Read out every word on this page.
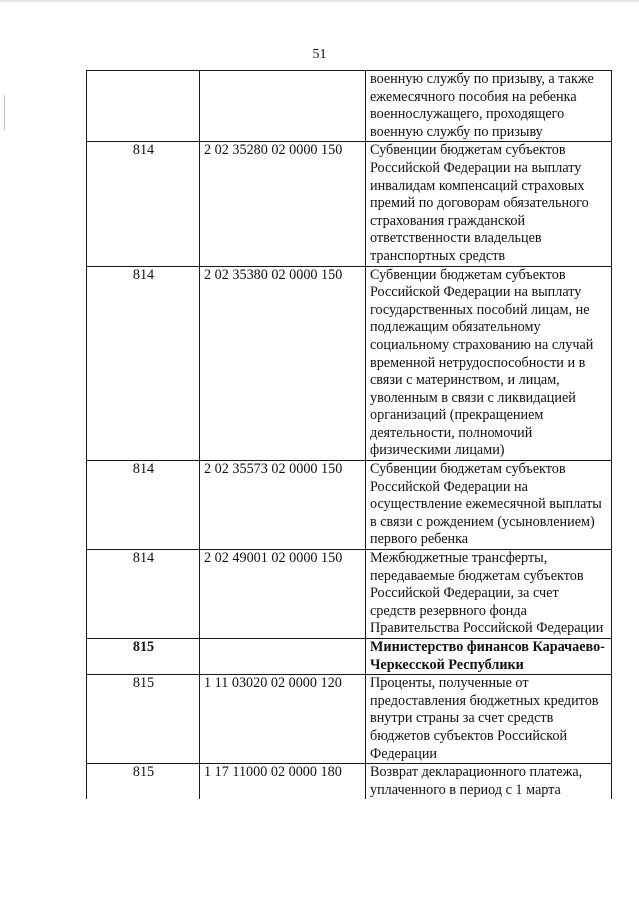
51
		военную службу по призыву, а также ежемесячного пособия на ребенка военнослужащего, проходящего военную службу по призыву
814	2 02 35280 02 0000 150	Субвенции бюджетам субъектов Российской Федерации на выплату инвалидам компенсаций страховых премий по договорам обязательного страхования гражданской ответственности владельцев транспортных средств
814	2 02 35380 02 0000 150	Субвенции бюджетам субъектов Российской Федерации на выплату государственных пособий лицам, не подлежащим обязательному социальному страхованию на случай временной нетрудоспособности и в связи с материнством, и лицам, уволенным в связи с ликвидацией организаций (прекращением деятельности, полномочий физическими лицами)
814	2 02 35573 02 0000 150	Субвенции бюджетам субъектов Российской Федерации на осуществление ежемесячной выплаты в связи с рождением (усыновлением) первого ребенка
814	2 02 49001 02 0000 150	Межбюджетные трансферты, передаваемые бюджетам субъектов Российской Федерации, за счет средств резервного фонда Правительства Российской Федерации
815		Министерство финансов Карачаево-Черкесской Республики
815	1 11 03020 02 0000 120	Проценты, полученные от предоставления бюджетных кредитов внутри страны за счет средств бюджетов субъектов Российской Федерации
815	1 17 11000 02 0000 180	Возврат декларационного платежа, уплаченного в период с 1 марта
